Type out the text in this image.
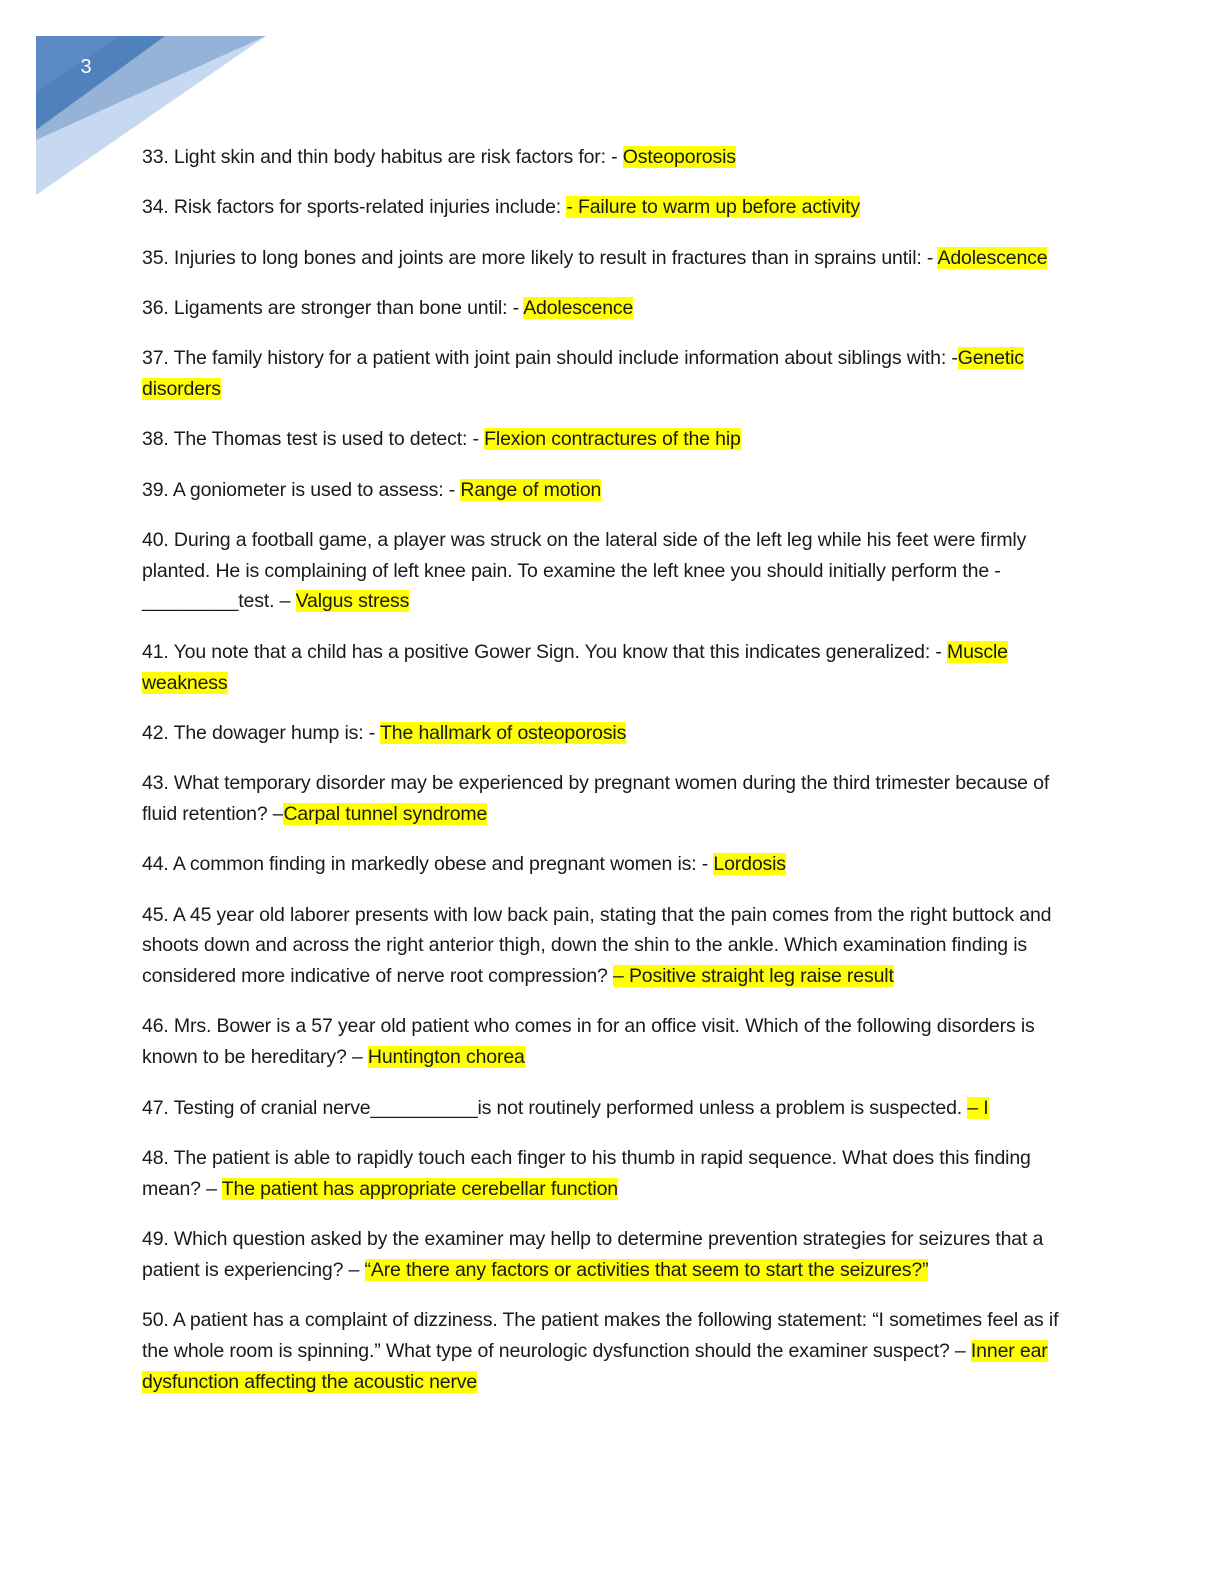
3

33. Light skin and thin body habitus are risk factors for: - Osteoporosis

34. Risk factors for sports-related injuries include: - Failure to warm up before activity

35. Injuries to long bones and joints are more likely to result in fractures than in sprains until: - Adolescence

36. Ligaments are stronger than bone until: - Adolescence

37. The family history for a patient with joint pain should include information about siblings with: -Genetic disorders

38. The Thomas test is used to detect: - Flexion contractures of the hip

39. A goniometer is used to assess: - Range of motion

40. During a football game, a player was struck on the lateral side of the left leg while his feet were firmly planted. He is complaining of left knee pain. To examine the left knee you should initially perform the - _________test. – Valgus stress

41. You note that a child has a positive Gower Sign. You know that this indicates generalized: - Muscle weakness

42. The dowager hump is: - The hallmark of osteoporosis

43. What temporary disorder may be experienced by pregnant women during the third trimester because of fluid retention? –Carpal tunnel syndrome

44. A common finding in markedly obese and pregnant women is: - Lordosis

45. A 45 year old laborer presents with low back pain, stating that the pain comes from the right buttock and shoots down and across the right anterior thigh, down the shin to the ankle. Which examination finding is considered more indicative of nerve root compression? – Positive straight leg raise result

46. Mrs. Bower is a 57 year old patient who comes in for an office visit. Which of the following disorders is known to be hereditary? – Huntington chorea

47. Testing of cranial nerve__________is not routinely performed unless a problem is suspected. – I

48. The patient is able to rapidly touch each finger to his thumb in rapid sequence. What does this finding mean? – The patient has appropriate cerebellar function

49. Which question asked by the examiner may hellp to determine prevention strategies for seizures that a patient is experiencing? – “Are there any factors or activities that seem to start the seizures?”

50. A patient has a complaint of dizziness. The patient makes the following statement: “I sometimes feel as if the whole room is spinning.” What type of neurologic dysfunction should the examiner suspect? – Inner ear dysfunction affecting the acoustic nerve
